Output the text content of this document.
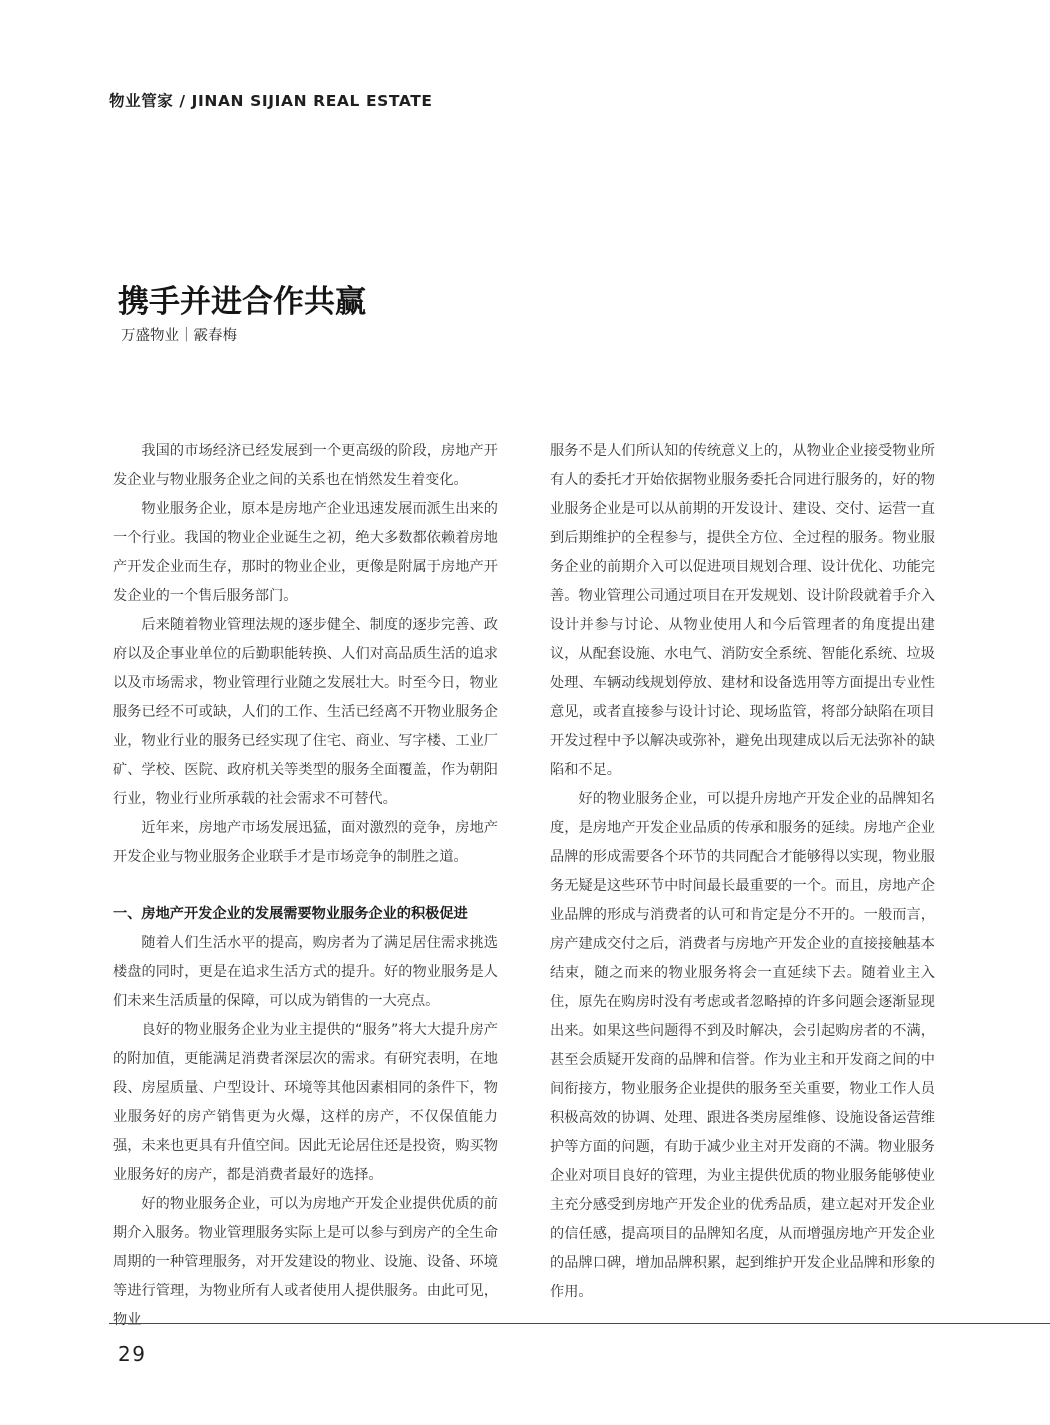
物业管家 / JINAN SIJIAN REAL ESTATE
携手并进合作共赢
万盛物业｜霰春梅

我国的市场经济已经发展到一个更高级的阶段，房地产开发企业与物业服务企业之间的关系也在悄然发生着变化。

物业服务企业，原本是房地产企业迅速发展而派生出来的一个行业。我国的物业企业诞生之初，绝大多数都依赖着房地产开发企业而生存，那时的物业企业，更像是附属于房地产开发企业的一个售后服务部门。

后来随着物业管理法规的逐步健全、制度的逐步完善、政府以及企事业单位的后勤职能转换、人们对高品质生活的追求以及市场需求，物业管理行业随之发展壮大。时至今日，物业服务已经不可或缺，人们的工作、生活已经离不开物业服务企业，物业行业的服务已经实现了住宅、商业、写字楼、工业厂矿、学校、医院、政府机关等类型的服务全面覆盖，作为朝阳行业，物业行业所承载的社会需求不可替代。

近年来，房地产市场发展迅猛，面对激烈的竞争，房地产开发企业与物业服务企业联手才是市场竞争的制胜之道。

一、房地产开发企业的发展需要物业服务企业的积极促进

随着人们生活水平的提高，购房者为了满足居住需求挑选楼盘的同时，更是在追求生活方式的提升。好的物业服务是人们未来生活质量的保障，可以成为销售的一大亮点。

良好的物业服务企业为业主提供的“服务”将大大提升房产的附加值，更能满足消费者深层次的需求。有研究表明，在地段、房屋质量、户型设计、环境等其他因素相同的条件下，物业服务好的房产销售更为火爆，这样的房产，不仅保值能力强，未来也更具有升值空间。因此无论居住还是投资，购买物业服务好的房产，都是消费者最好的选择。

好的物业服务企业，可以为房地产开发企业提供优质的前期介入服务。物业管理服务实际上是可以参与到房产的全生命周期的一种管理服务，对开发建设的物业、设施、设备、环境等进行管理，为物业所有人或者使用人提供服务。由此可见，物业

服务不是人们所认知的传统意义上的，从物业企业接受物业所有人的委托才开始依据物业服务委托合同进行服务的，好的物业服务企业是可以从前期的开发设计、建设、交付、运营一直到后期维护的全程参与，提供全方位、全过程的服务。物业服务企业的前期介入可以促进项目规划合理、设计优化、功能完善。物业管理公司通过项目在开发规划、设计阶段就着手介入设计并参与讨论、从物业使用人和今后管理者的角度提出建议，从配套设施、水电气、消防安全系统、智能化系统、垃圾处理、车辆动线规划停放、建材和设备选用等方面提出专业性意见，或者直接参与设计讨论、现场监管，将部分缺陷在项目开发过程中予以解决或弥补，避免出现建成以后无法弥补的缺陷和不足。

好的物业服务企业，可以提升房地产开发企业的品牌知名度，是房地产开发企业品质的传承和服务的延续。房地产企业品牌的形成需要各个环节的共同配合才能够得以实现，物业服务无疑是这些环节中时间最长最重要的一个。而且，房地产企业品牌的形成与消费者的认可和肯定是分不开的。一般而言，房产建成交付之后，消费者与房地产开发企业的直接接触基本结束，随之而来的物业服务将会一直延续下去。随着业主入住，原先在购房时没有考虑或者忽略掉的许多问题会逐渐显现出来。如果这些问题得不到及时解决，会引起购房者的不满，甚至会质疑开发商的品牌和信誉。作为业主和开发商之间的中间衔接方，物业服务企业提供的服务至关重要，物业工作人员积极高效的协调、处理、跟进各类房屋维修、设施设备运营维护等方面的问题，有助于减少业主对开发商的不满。物业服务企业对项目良好的管理，为业主提供优质的物业服务能够使业主充分感受到房地产开发企业的优秀品质，建立起对开发企业的信任感，提高项目的品牌知名度，从而增强房地产开发企业的品牌口碑，增加品牌积累，起到维护开发企业品牌和形象的作用。

29
